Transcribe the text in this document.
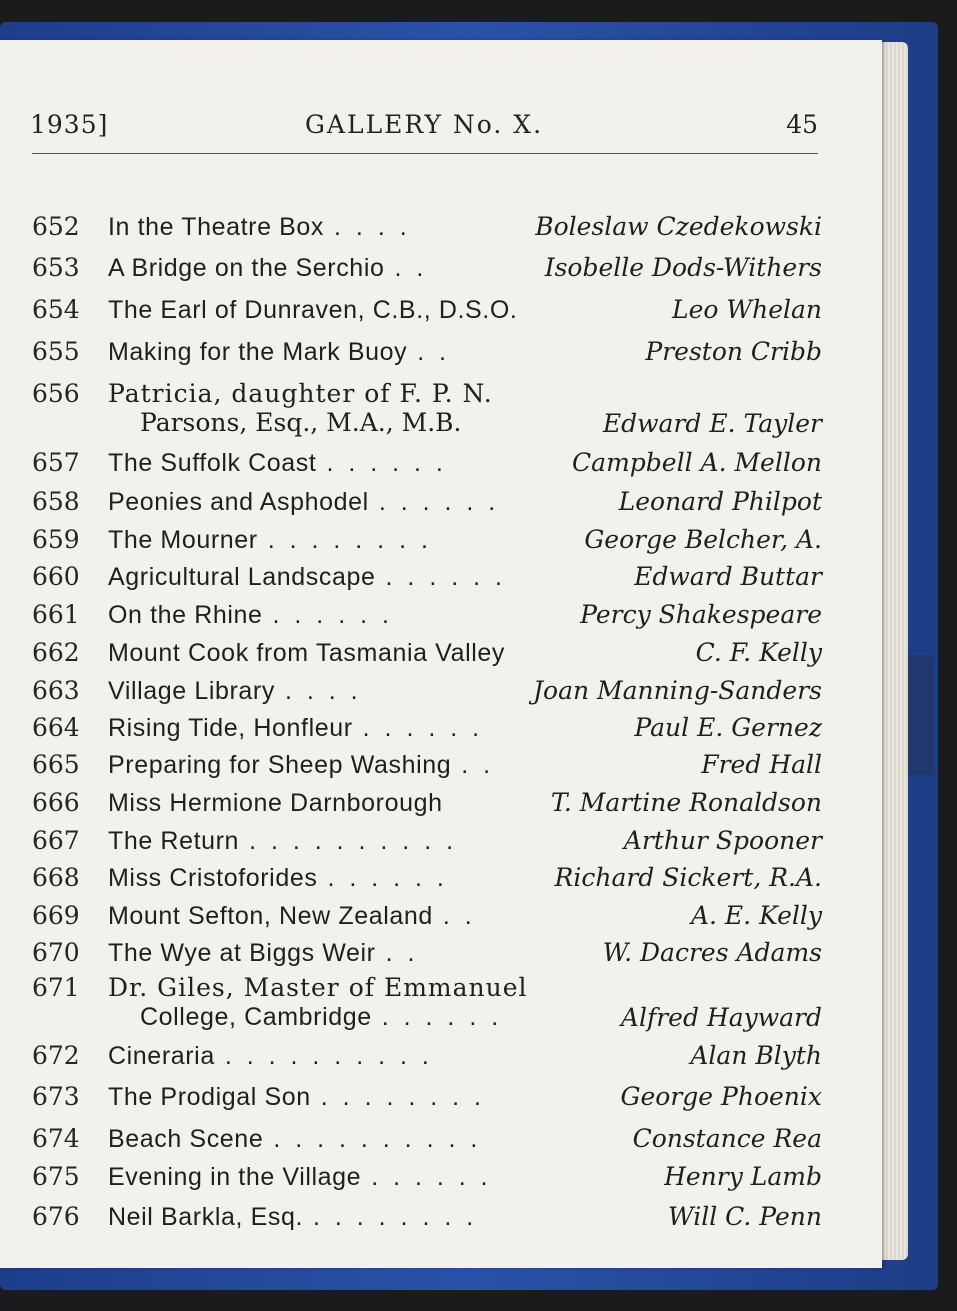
1935]	GALLERY No. X.	45
652	In the Theatre Box . . . .	Boleslaw Czedekowski
653	A Bridge on the Serchio . .	Isobelle Dods-Withers
654	The Earl of Dunraven, C.B., D.S.O.	Leo Whelan
655	Making for the Mark Buoy . .	Preston Cribb
656	Patricia, daughter of F. P. N.
Parsons, Esq., M.A., M.B.	Edward E. Tayler
657	The Suffolk Coast . . . . . .	Campbell A. Mellon
658	Peonies and Asphodel . . . . . .	Leonard Philpot
659	The Mourner . . . . . . . .	George Belcher, A.
660	Agricultural Landscape . . . . . .	Edward Buttar
661	On the Rhine . . . . . .	Percy Shakespeare
662	Mount Cook from Tasmania Valley	C. F. Kelly
663	Village Library . . . .	Joan Manning-Sanders
664	Rising Tide, Honfleur . . . . . .	Paul E. Gernez
665	Preparing for Sheep Washing . .	Fred Hall
666	Miss Hermione Darnborough	T. Martine Ronaldson
667	The Return . . . . . . . . . .	Arthur Spooner
668	Miss Cristoforides . . . . . .	Richard Sickert, R.A.
669	Mount Sefton, New Zealand . .	A. E. Kelly
670	The Wye at Biggs Weir . .	W. Dacres Adams
671	Dr. Giles, Master of Emmanuel
College, Cambridge . . . . . .	Alfred Hayward
672	Cineraria . . . . . . . . . .	Alan Blyth
673	The Prodigal Son . . . . . . . .	George Phoenix
674	Beach Scene . . . . . . . . . .	Constance Rea
675	Evening in the Village . . . . . .	Henry Lamb
676	Neil Barkla, Esq. . . . . . . . .	Will C. Penn
